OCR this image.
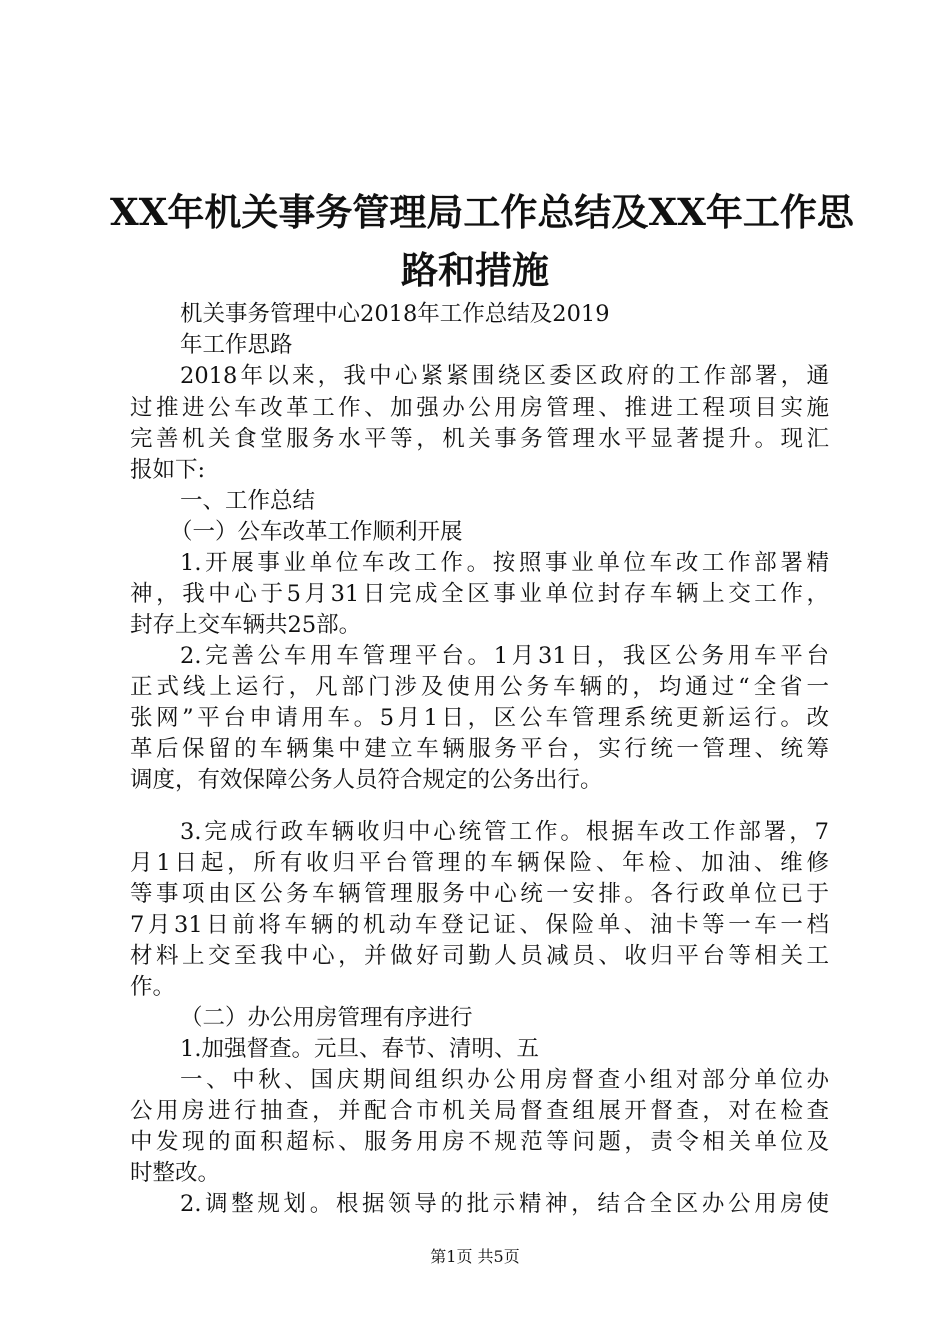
XX年机关事务管理局工作总结及XX年工作思
路和措施
机关事务管理中心2018年工作总结及2019
年工作思路
2018年以来，我中心紧紧围绕区委区政府的工作部署，通
过推进公车改革工作、加强办公用房管理、推进工程项目实施
完善机关食堂服务水平等，机关事务管理水平显著提升。现汇
报如下:
一、工作总结
（一）公车改革工作顺利开展
1.开展事业单位车改工作。按照事业单位车改工作部署精
神，我中心于5月31日完成全区事业单位封存车辆上交工作，
封存上交车辆共25部。
2.完善公车用车管理平台。1月31日，我区公务用车平台
正式线上运行，凡部门涉及使用公务车辆的，均通过“全省一
张网”平台申请用车。5月1日，区公车管理系统更新运行。改
革后保留的车辆集中建立车辆服务平台，实行统一管理、统筹
调度，有效保障公务人员符合规定的公务出行。
3.完成行政车辆收归中心统管工作。根据车改工作部署，7
月1日起，所有收归平台管理的车辆保险、年检、加油、维修
等事项由区公务车辆管理服务中心统一安排。各行政单位已于
7月31日前将车辆的机动车登记证、保险单、油卡等一车一档
材料上交至我中心，并做好司勤人员减员、收归平台等相关工
作。
（二）办公用房管理有序进行
1.加强督查。元旦、春节、清明、五
一、中秋、国庆期间组织办公用房督查小组对部分单位办
公用房进行抽查，并配合市机关局督查组展开督查，对在检查
中发现的面积超标、服务用房不规范等问题，责令相关单位及
时整改。
2.调整规划。根据领导的批示精神，结合全区办公用房使
第1页 共5页
